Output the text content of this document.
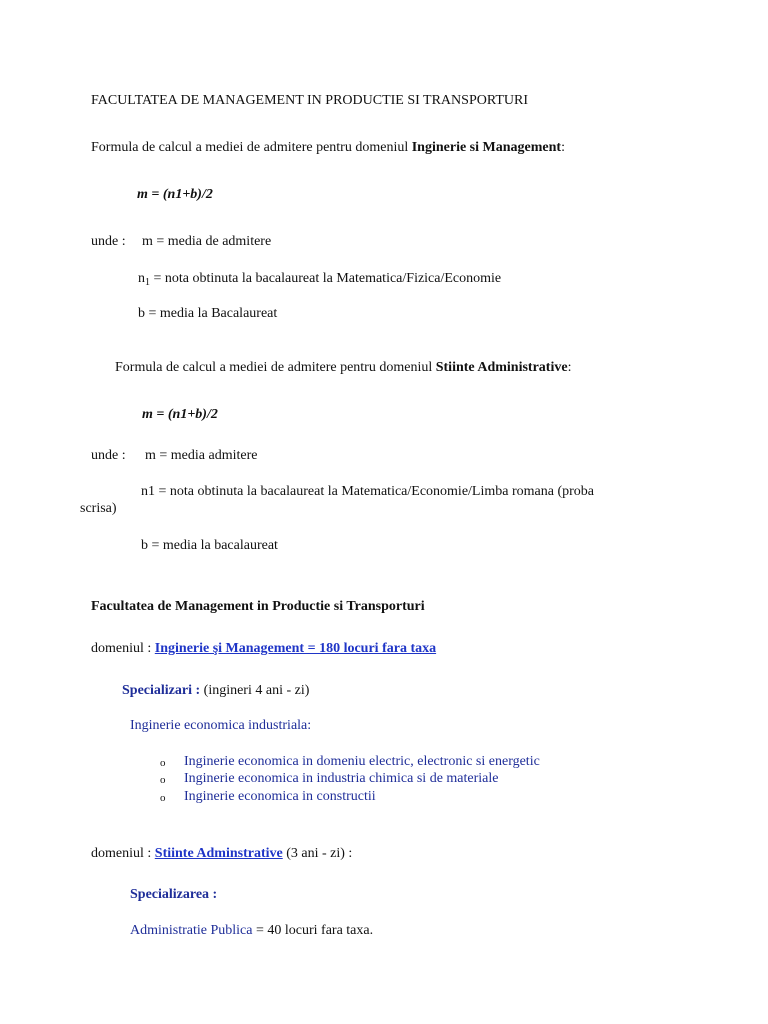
FACULTATEA DE MANAGEMENT IN PRODUCTIE SI TRANSPORTURI
Formula de calcul a mediei de admitere pentru domeniul Inginerie si Management:
m = (n1+b)/2
unde : m = media de admitere
$n_1$ = nota obtinuta la bacalaureat la Matematica/Fizica/Economie
b = media la Bacalaureat
Formula de calcul a mediei de admitere pentru domeniul Stiinte Administrative:
m = (n1+b)/2
unde : m = media admitere
n1 = nota obtinuta la bacalaureat la Matematica/Economie/Limba romana (proba
scrisa)
b = media la bacalaureat
Facultatea de Management in Productie si Transporturi
domeniul : Inginerie şi Management = 180 locuri fara taxa
Specializari : (ingineri 4 ani - zi)
Inginerie economica industriala:
o Inginerie economica in domeniu electric, electronic si energetic
o Inginerie economica in industria chimica si de materiale
o Inginerie economica in constructii
domeniul : Stiinte Adminstrative (3 ani - zi) :
Specializarea :
Administratie Publica = 40 locuri fara taxa.
